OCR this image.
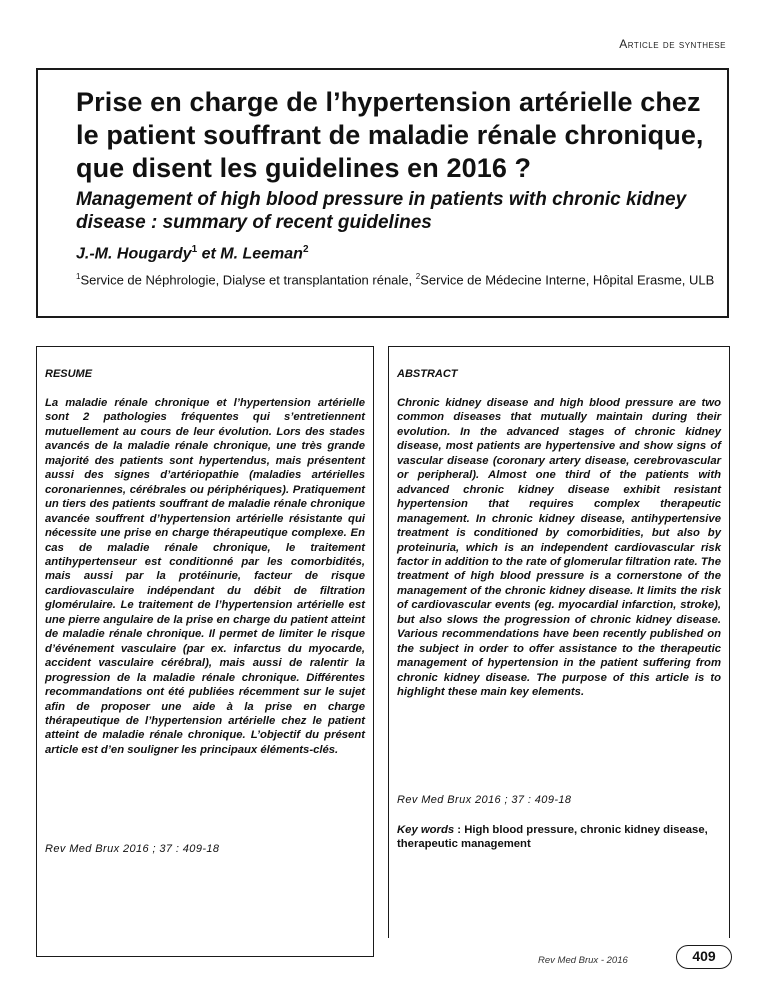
Article de synthese
Prise en charge de l’hypertension artérielle chez le patient souffrant de maladie rénale chronique, que disent les guidelines en 2016 ?
Management of high blood pressure in patients with chronic kidney disease : summary of recent guidelines
J.-M. Hougardy$^1$ et M. Leeman$^2$
$^1$Service de Néphrologie, Dialyse et transplantation rénale, $^2$Service de Médecine Interne, Hôpital Erasme, ULB
RESUME

La maladie rénale chronique et l’hypertension artérielle sont 2 pathologies fréquentes qui s’entretiennent mutuellement au cours de leur évolution. Lors des stades avancés de la maladie rénale chronique, une très grande majorité des patients sont hypertendus, mais présentent aussi des signes d’artériopathie (maladies artérielles coronariennes, cérébrales ou périphériques). Pratiquement un tiers des patients souffrant de maladie rénale chronique avancée souffrent d’hypertension artérielle résistante qui nécessite une prise en charge thérapeutique complexe. En cas de maladie rénale chronique, le traitement antihypertenseur est conditionné par les comorbidités, mais aussi par la protéinurie, facteur de risque cardiovasculaire indépendant du débit de filtration glomérulaire. Le traitement de l’hypertension artérielle est une pierre angulaire de la prise en charge du patient atteint de maladie rénale chronique. Il permet de limiter le risque d’événement vasculaire (par ex. infarctus du myocarde, accident vasculaire cérébral), mais aussi de ralentir la progression de la maladie rénale chronique. Différentes recommandations ont été publiées récemment sur le sujet afin de proposer une aide à la prise en charge thérapeutique de l’hypertension artérielle chez le patient atteint de maladie rénale chronique. L’objectif du présent article est d’en souligner les principaux éléments-clés.

Rev Med Brux 2016 ; 37 : 409-18
ABSTRACT

Chronic kidney disease and high blood pressure are two common diseases that mutually maintain during their evolution. In the advanced stages of chronic kidney disease, most patients are hypertensive and show signs of vascular disease (coronary artery disease, cerebrovascular or peripheral). Almost one third of the patients with advanced chronic kidney disease exhibit resistant hypertension that requires complex therapeutic management. In chronic kidney disease, antihypertensive treatment is conditioned by comorbidities, but also by proteinuria, which is an independent cardiovascular risk factor in addition to the rate of glomerular filtration rate. The treatment of high blood pressure is a cornerstone of the management of the chronic kidney disease. It limits the risk of cardiovascular events (eg. myocardial infarction, stroke), but also slows the progression of chronic kidney disease. Various recommendations have been recently published on the subject in order to offer assistance to the therapeutic management of hypertension in the patient suffering from chronic kidney disease. The purpose of this article is to highlight these main key elements.

Rev Med Brux 2016 ; 37 : 409-18
Key words : High blood pressure, chronic kidney disease, therapeutic management
Rev Med Brux - 2016	409
